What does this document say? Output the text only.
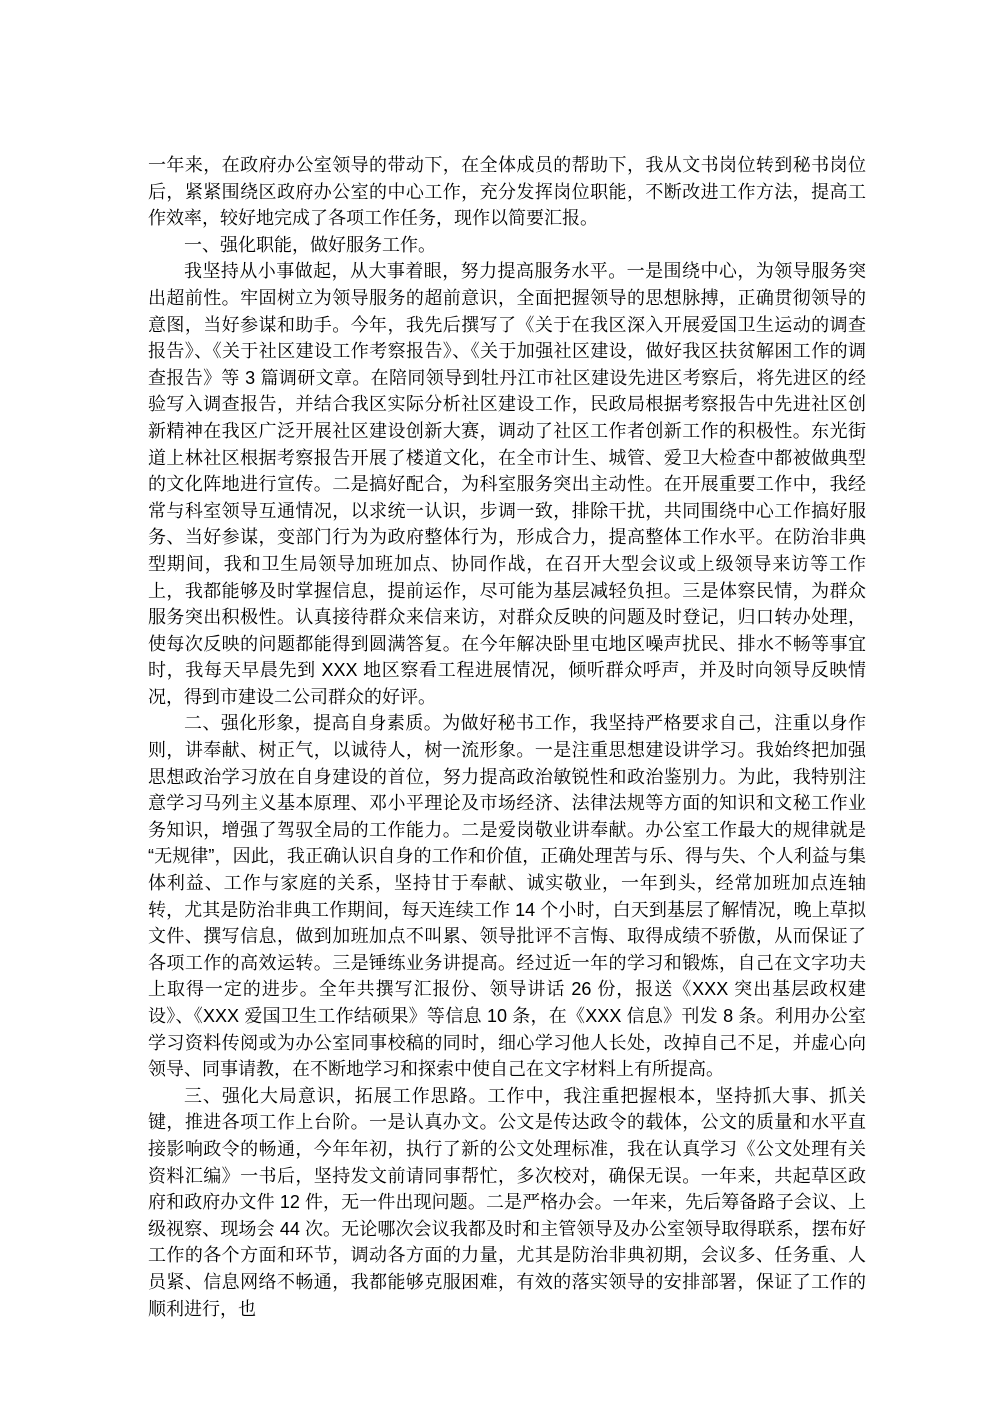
一年来，在政府办公室领导的带动下，在全体成员的帮助下，我从文书岗位转到秘书岗位后，紧紧围绕区政府办公室的中心工作，充分发挥岗位职能，不断改进工作方法，提高工作效率，较好地完成了各项工作任务，现作以简要汇报。

一、强化职能，做好服务工作。

我坚持从小事做起，从大事着眼，努力提高服务水平。一是围绕中心，为领导服务突出超前性。牢固树立为领导服务的超前意识，全面把握领导的思想脉搏，正确贯彻领导的意图，当好参谋和助手。今年，我先后撰写了《关于在我区深入开展爱国卫生运动的调查报告》、《关于社区建设工作考察报告》、《关于加强社区建设，做好我区扶贫解困工作的调查报告》等 3 篇调研文章。在陪同领导到牡丹江市社区建设先进区考察后，将先进区的经验写入调查报告，并结合我区实际分析社区建设工作，民政局根据考察报告中先进社区创新精神在我区广泛开展社区建设创新大赛，调动了社区工作者创新工作的积极性。东光街道上林社区根据考察报告开展了楼道文化，在全市计生、城管、爱卫大检查中都被做典型的文化阵地进行宣传。二是搞好配合，为科室服务突出主动性。在开展重要工作中，我经常与科室领导互通情况，以求统一认识，步调一致，排除干扰，共同围绕中心工作搞好服务、当好参谋，变部门行为为政府整体行为，形成合力，提高整体工作水平。在防治非典型期间，我和卫生局领导加班加点、协同作战，在召开大型会议或上级领导来访等工作上，我都能够及时掌握信息，提前运作，尽可能为基层减轻负担。三是体察民情，为群众服务突出积极性。认真接待群众来信来访，对群众反映的问题及时登记，归口转办处理，使每次反映的问题都能得到圆满答复。在今年解决卧里屯地区噪声扰民、排水不畅等事宜时，我每天早晨先到 XXX 地区察看工程进展情况，倾听群众呼声，并及时向领导反映情况，得到市建设二公司群众的好评。

二、强化形象，提高自身素质。为做好秘书工作，我坚持严格要求自己，注重以身作则，讲奉献、树正气，以诚待人，树一流形象。一是注重思想建设讲学习。我始终把加强思想政治学习放在自身建设的首位，努力提高政治敏锐性和政治鉴别力。为此，我特别注意学习马列主义基本原理、邓小平理论及市场经济、法律法规等方面的知识和文秘工作业务知识，增强了驾驭全局的工作能力。二是爱岗敬业讲奉献。办公室工作最大的规律就是“无规律”，因此，我正确认识自身的工作和价值，正确处理苦与乐、得与失、个人利益与集体利益、工作与家庭的关系，坚持甘于奉献、诚实敬业，一年到头，经常加班加点连轴转，尤其是防治非典工作期间，每天连续工作 14 个小时，白天到基层了解情况，晚上草拟文件、撰写信息，做到加班加点不叫累、领导批评不言悔、取得成绩不骄傲，从而保证了各项工作的高效运转。三是锤练业务讲提高。经过近一年的学习和锻炼，自己在文字功夫上取得一定的进步。全年共撰写汇报份、领导讲话 26 份，报送《XXX 突出基层政权建设》、《XXX 爱国卫生工作结硕果》等信息 10 条，在《XXX 信息》刊发 8 条。利用办公室学习资料传阅或为办公室同事校稿的同时，细心学习他人长处，改掉自己不足，并虚心向领导、同事请教，在不断地学习和探索中使自己在文字材料上有所提高。

三、强化大局意识，拓展工作思路。工作中，我注重把握根本，坚持抓大事、抓关键，推进各项工作上台阶。一是认真办文。公文是传达政令的载体，公文的质量和水平直接影响政令的畅通，今年年初，执行了新的公文处理标准，我在认真学习《公文处理有关资料汇编》一书后，坚持发文前请同事帮忙，多次校对，确保无误。一年来，共起草区政府和政府办文件 12 件，无一件出现问题。二是严格办会。一年来，先后筹备路子会议、上级视察、现场会 44 次。无论哪次会议我都及时和主管领导及办公室领导取得联系，摆布好工作的各个方面和环节，调动各方面的力量，尤其是防治非典初期，会议多、任务重、人员紧、信息网络不畅通，我都能够克服困难，有效的落实领导的安排部署，保证了工作的顺利进行，也
